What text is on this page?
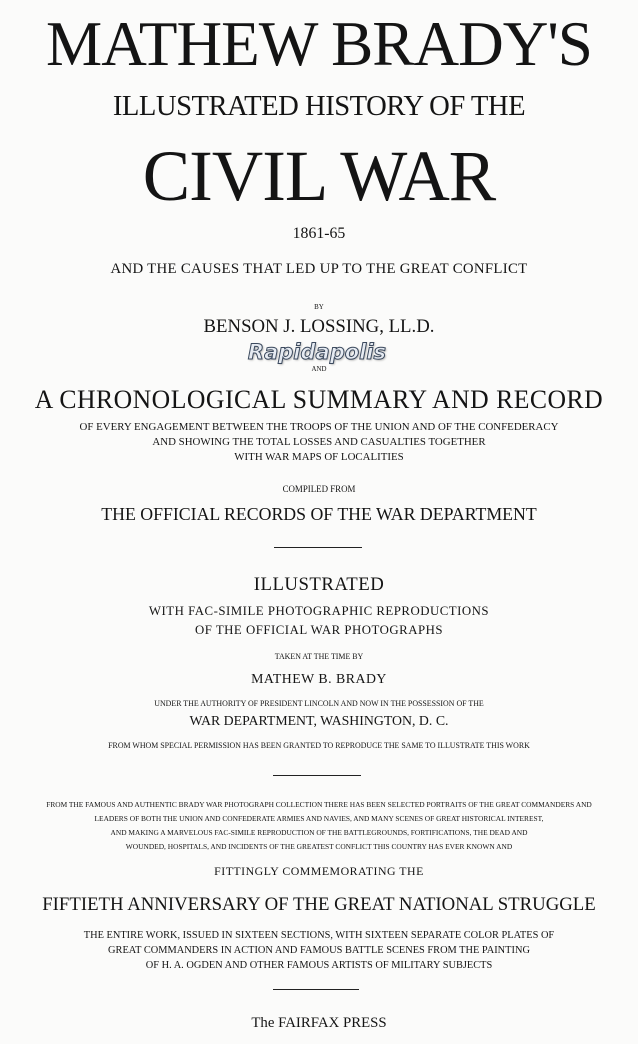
MATHEW BRADY'S
ILLUSTRATED HISTORY OF THE
CIVIL WAR
1861-65
AND THE CAUSES THAT LED UP TO THE GREAT CONFLICT
BY
BENSON J. LOSSING, LL.D.
AND
Rapidapolis
A CHRONOLOGICAL SUMMARY AND RECORD
OF EVERY ENGAGEMENT BETWEEN THE TROOPS OF THE UNION AND OF THE CONFEDERACY
AND SHOWING THE TOTAL LOSSES AND CASUALTIES TOGETHER
WITH WAR MAPS OF LOCALITIES
COMPILED FROM
THE OFFICIAL RECORDS OF THE WAR DEPARTMENT
ILLUSTRATED
WITH FAC-SIMILE PHOTOGRAPHIC REPRODUCTIONS
OF THE OFFICIAL WAR PHOTOGRAPHS
TAKEN AT THE TIME BY
MATHEW B. BRADY
UNDER THE AUTHORITY OF PRESIDENT LINCOLN AND NOW IN THE POSSESSION OF THE
WAR DEPARTMENT, WASHINGTON, D. C.
FROM WHOM SPECIAL PERMISSION HAS BEEN GRANTED TO REPRODUCE THE SAME TO ILLUSTRATE THIS WORK
FROM THE FAMOUS AND AUTHENTIC BRADY WAR PHOTOGRAPH COLLECTION THERE HAS BEEN SELECTED PORTRAITS OF THE GREAT COMMANDERS AND
LEADERS OF BOTH THE UNION AND CONFEDERATE ARMIES AND NAVIES, AND MANY SCENES OF GREAT HISTORICAL INTEREST,
AND MAKING A MARVELOUS FAC-SIMILE REPRODUCTION OF THE BATTLEGROUNDS, FORTIFICATIONS, THE DEAD AND
WOUNDED, HOSPITALS, AND INCIDENTS OF THE GREATEST CONFLICT THIS COUNTRY HAS EVER KNOWN AND
FITTINGLY COMMEMORATING THE
FIFTIETH ANNIVERSARY OF THE GREAT NATIONAL STRUGGLE
THE ENTIRE WORK, ISSUED IN SIXTEEN SECTIONS, WITH SIXTEEN SEPARATE COLOR PLATES OF
GREAT COMMANDERS IN ACTION AND FAMOUS BATTLE SCENES FROM THE PAINTING
OF H. A. OGDEN AND OTHER FAMOUS ARTISTS OF MILITARY SUBJECTS
The FAIRFAX PRESS
